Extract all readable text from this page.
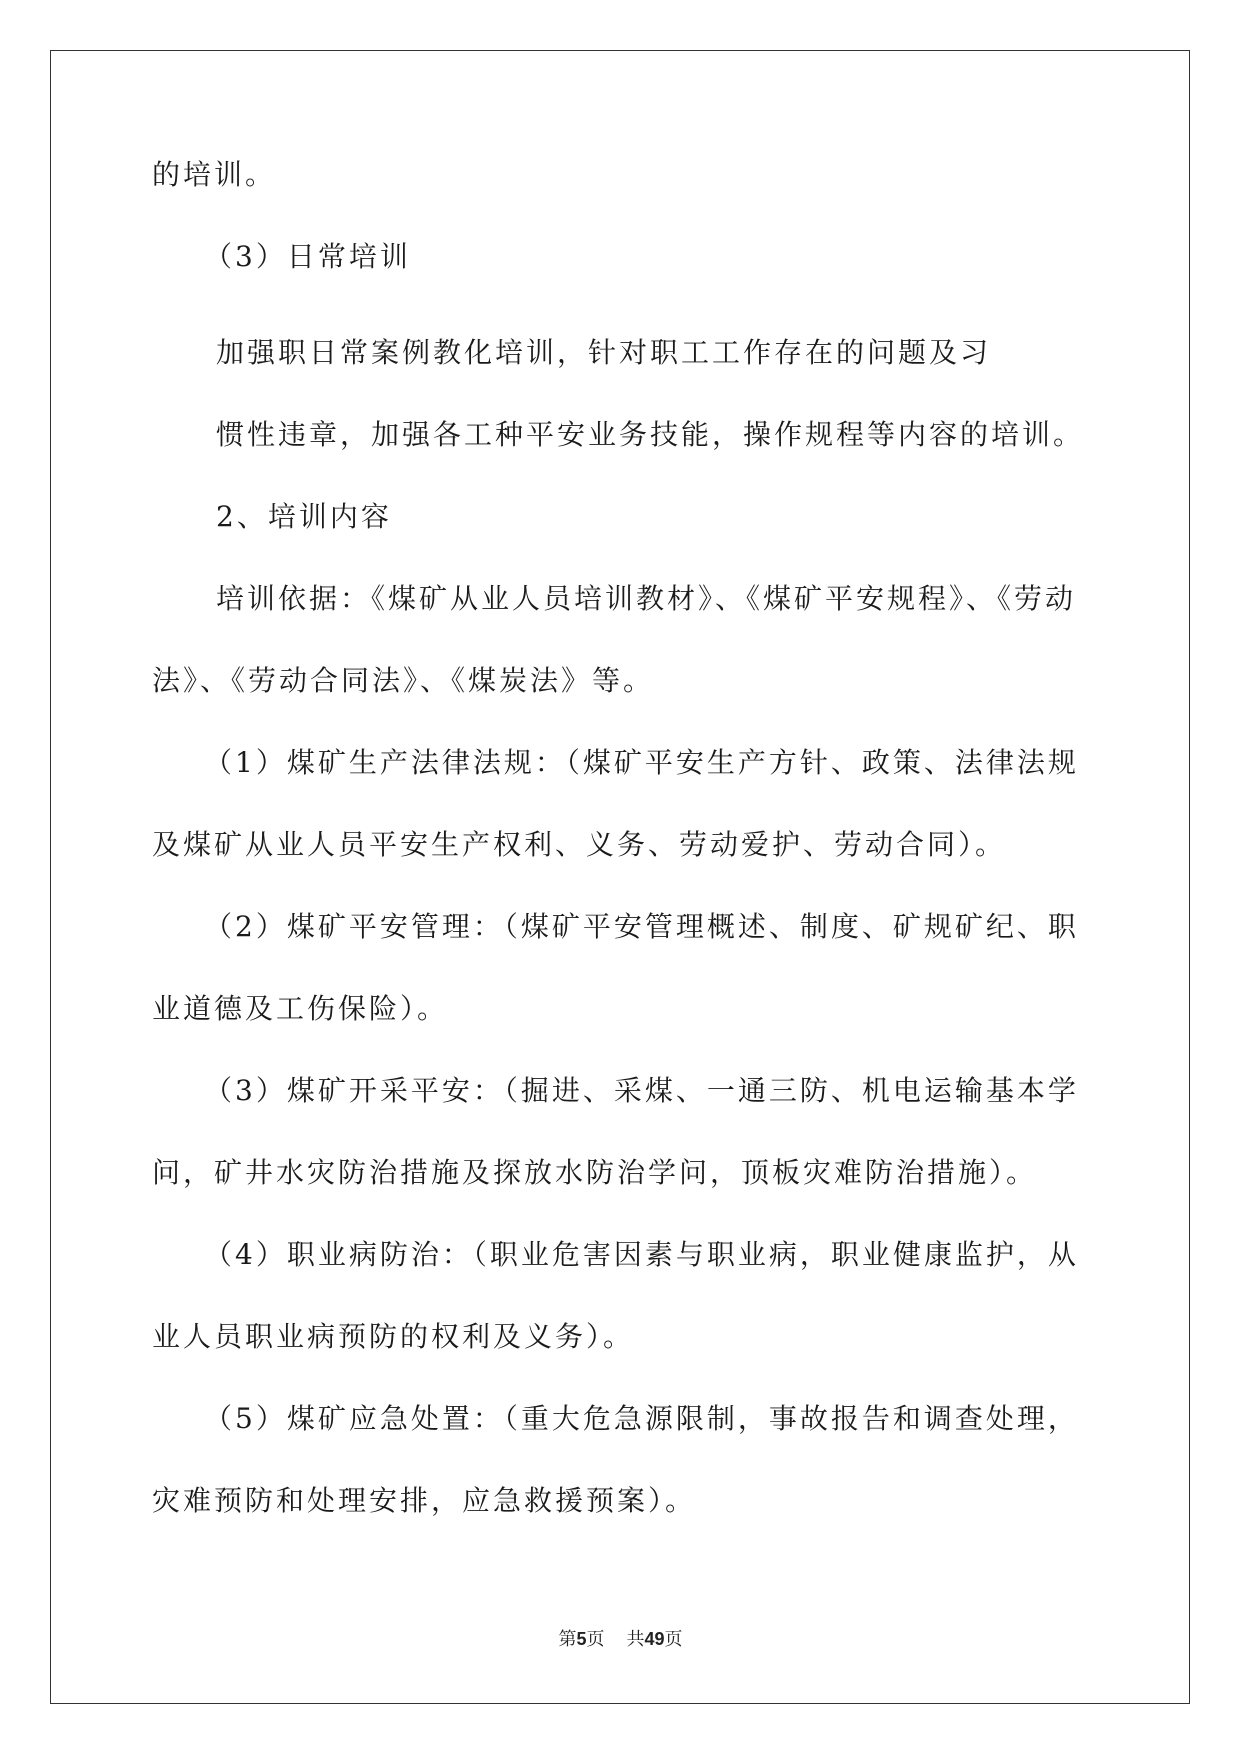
的培训。
（3）日常培训
加强职日常案例教化培训，针对职工工作存在的问题及习
惯性违章，加强各工种平安业务技能，操作规程等内容的培训。
2、培训内容
培训依据：《煤矿从业人员培训教材》、《煤矿平安规程》、《劳动
法》、《劳动合同法》、《煤炭法》等。
（1）煤矿生产法律法规：（煤矿平安生产方针、政策、法律法规
及煤矿从业人员平安生产权利、义务、劳动爱护、劳动合同）。
（2）煤矿平安管理：（煤矿平安管理概述、制度、矿规矿纪、职
业道德及工伤保险）。
（3）煤矿开采平安：（掘进、采煤、一通三防、机电运输基本学
问，矿井水灾防治措施及探放水防治学问，顶板灾难防治措施）。
（4）职业病防治：（职业危害因素与职业病，职业健康监护，从
业人员职业病预防的权利及义务）。
（5）煤矿应急处置：（重大危急源限制，事故报告和调查处理，
灾难预防和处理安排，应急救援预案）。
第5页 共49页
